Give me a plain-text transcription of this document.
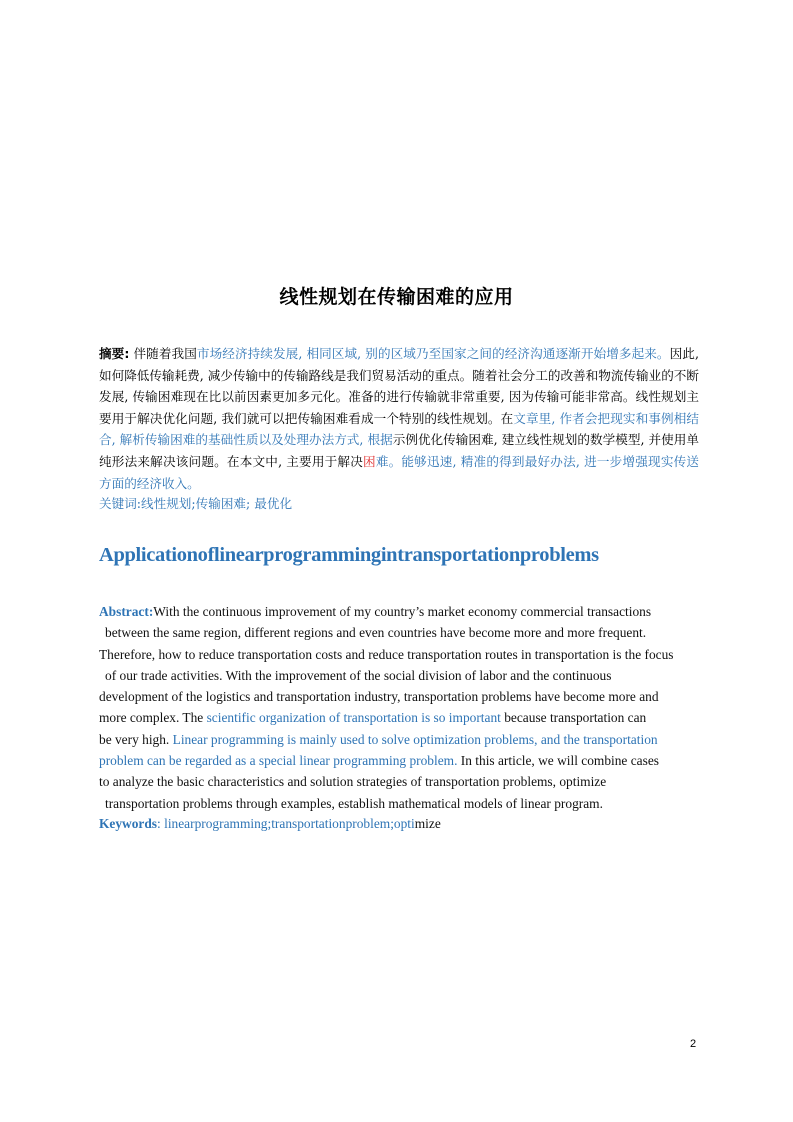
线性规划在传输困难的应用
摘要: 伴随着我国市场经济持续发展, 相同区域, 别的区域乃至国家之间的经济沟通逐渐开始增多起来。因此, 如何降低传输耗费, 减少传输中的传输路线是我们贸易活动的重点。随着社会分工的改善和物流传输业的不断发展, 传输困难现在比以前因素更加多元化。准备的进行传输就非常重要, 因为传输可能非常高。线性规划主要用于解决优化问题, 我们就可以把传输困难看成一个特别的线性规划。在文章里, 作者会把现实和事例相结合, 解析传输困难的基础性质以及处理办法方式, 根据示例优化传输困难, 建立线性规划的数学模型, 并使用单纯形法来解决该问题。在本文中, 主要用于解决困难。能够迅速, 精准的得到最好办法, 进一步增强现实传送方面的经济收入。
关键词:线性规划;传输困难; 最优化
Applicationoflinearprogrammingintransportationproblems
Abstract:With the continuous improvement of my country’s market economy commercial transactions
between the same region, different regions and even countries have become more and more frequent.
Therefore, how to reduce transportation costs and reduce transportation routes in transportation is the focus
of our trade activities. With the improvement of the social division of labor and the continuous
development of the logistics and transportation industry, transportation problems have become more and
more complex. The scientific organization of transportation is so important because transportation can
be very high. Linear programming is mainly used to solve optimization problems, and the transportation
problem can be regarded as a special linear programming problem. In this article, we will combine cases
to analyze the basic characteristics and solution strategies of transportation problems, optimize
transportation problems through examples, establish mathematical models of linear program.
Keywords: linearprogramming;transportationproblem;optimize
2
